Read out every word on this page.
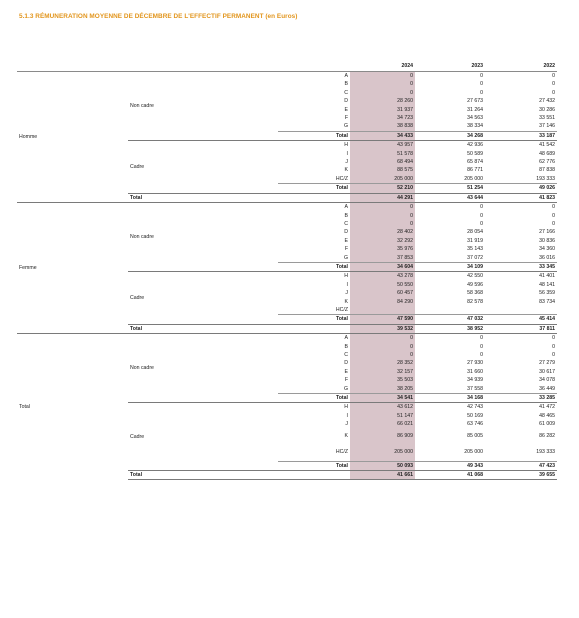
5.1.3 RÉMUNERATION MOYENNE DE DÉCEMBRE DE L'EFFECTIF PERMANENT (en Euros)
			2024	2023	2022
Homme	Non cadre	A	0	0	0
		B	0	0	0
		C	0	0	0
		D	28 260	27 673	27 432
		E	31 937	31 264	30 286
		F	34 723	34 563	33 551
		G	38 838	38 334	37 146
		Total	34 433	34 268	33 187
	Cadre	H	43 957	42 936	41 542
		I	51 578	50 589	48 689
		J	68 494	65 874	62 776
		K	88 575	86 771	87 838
		HC/Z	205 000	205 000	193 333
		Total	52 210	51 254	49 026
	Total		44 291	43 644	41 823
Femme	Non cadre	A	0	0	0
		B	0	0	0
		C	0	0	0
		D	28 402	28 054	27 166
		E	32 292	31 919	30 836
		F	35 976	35 143	34 360
		G	37 853	37 072	36 016
		Total	34 604	34 109	33 345
	Cadre	H	43 278	42 550	41 401
		I	50 550	49 596	48 141
		J	60 457	58 368	56 359
		K	84 290	82 578	83 734
		HC/Z			
		Total	47 590	47 032	45 414
	Total		39 532	38 952	37 811
Total	Non cadre	A	0	0	0
		B	0	0	0
		C	0	0	0
		D	28 352	27 930	27 279
		E	32 157	31 660	30 617
		F	35 503	34 939	34 078
		G	38 205	37 558	36 449
		Total	34 541	34 168	33 285
	Cadre	H	43 612	42 743	41 472
		I	51 147	50 169	48 465
		J	66 021	63 746	61 009
		K	86 909	85 005	86 282
		HC/Z	205 000	205 000	193 333
		Total	50 093	49 343	47 423
	Total		41 661	41 068	39 655
